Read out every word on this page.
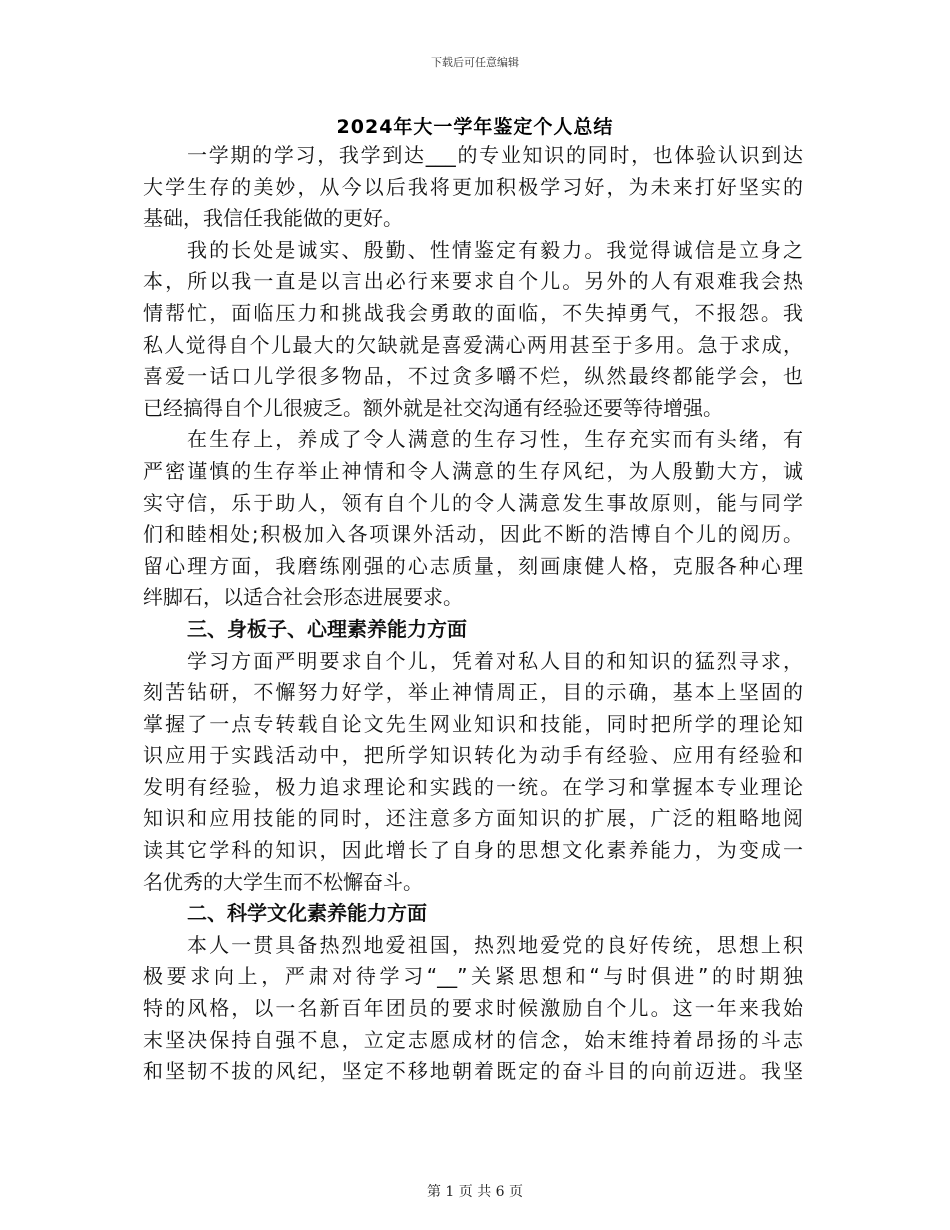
下载后可任意编辑
2024年大一学年鉴定个人总结
一学期的学习，我学到达___的专业知识的同时，也体验认识到达
大学生存的美妙，从今以后我将更加积极学习好，为未来打好坚实的
基础，我信任我能做的更好。
我的长处是诚实、殷勤、性情鉴定有毅力。我觉得诚信是立身之
本，所以我一直是以言出必行来要求自个儿。另外的人有艰难我会热
情帮忙，面临压力和挑战我会勇敢的面临，不失掉勇气，不报怨。我
私人觉得自个儿最大的欠缺就是喜爱满心两用甚至于多用。急于求成，
喜爱一话口儿学很多物品，不过贪多嚼不烂，纵然最终都能学会，也
已经搞得自个儿很疲乏。额外就是社交沟通有经验还要等待增强。
在生存上，养成了令人满意的生存习性，生存充实而有头绪，有
严密谨慎的生存举止神情和令人满意的生存风纪，为人殷勤大方，诚
实守信，乐于助人，领有自个儿的令人满意发生事故原则，能与同学
们和睦相处;积极加入各项课外活动，因此不断的浩博自个儿的阅历。
留心理方面，我磨练刚强的心志质量，刻画康健人格，克服各种心理
绊脚石，以适合社会形态进展要求。
三、身板子、心理素养能力方面
学习方面严明要求自个儿，凭着对私人目的和知识的猛烈寻求，
刻苦钻研，不懈努力好学，举止神情周正，目的示确，基本上坚固的
掌握了一点专转载自论文先生网业知识和技能，同时把所学的理论知
识应用于实践活动中，把所学知识转化为动手有经验、应用有经验和
发明有经验，极力追求理论和实践的一统。在学习和掌握本专业理论
知识和应用技能的同时，还注意多方面知识的扩展，广泛的粗略地阅
读其它学科的知识，因此增长了自身的思想文化素养能力，为变成一
名优秀的大学生而不松懈奋斗。
二、科学文化素养能力方面
本人一贯具备热烈地爱祖国，热烈地爱党的良好传统，思想上积
极要求向上，严肃对待学习“__”关紧思想和“与时俱进”的时期独
特的风格，以一名新百年团员的要求时候激励自个儿。这一年来我始
末坚决保持自强不息，立定志愿成材的信念，始末维持着昂扬的斗志
和坚韧不拔的风纪，坚定不移地朝着既定的奋斗目的向前迈进。我坚
第 1 页 共 6 页
